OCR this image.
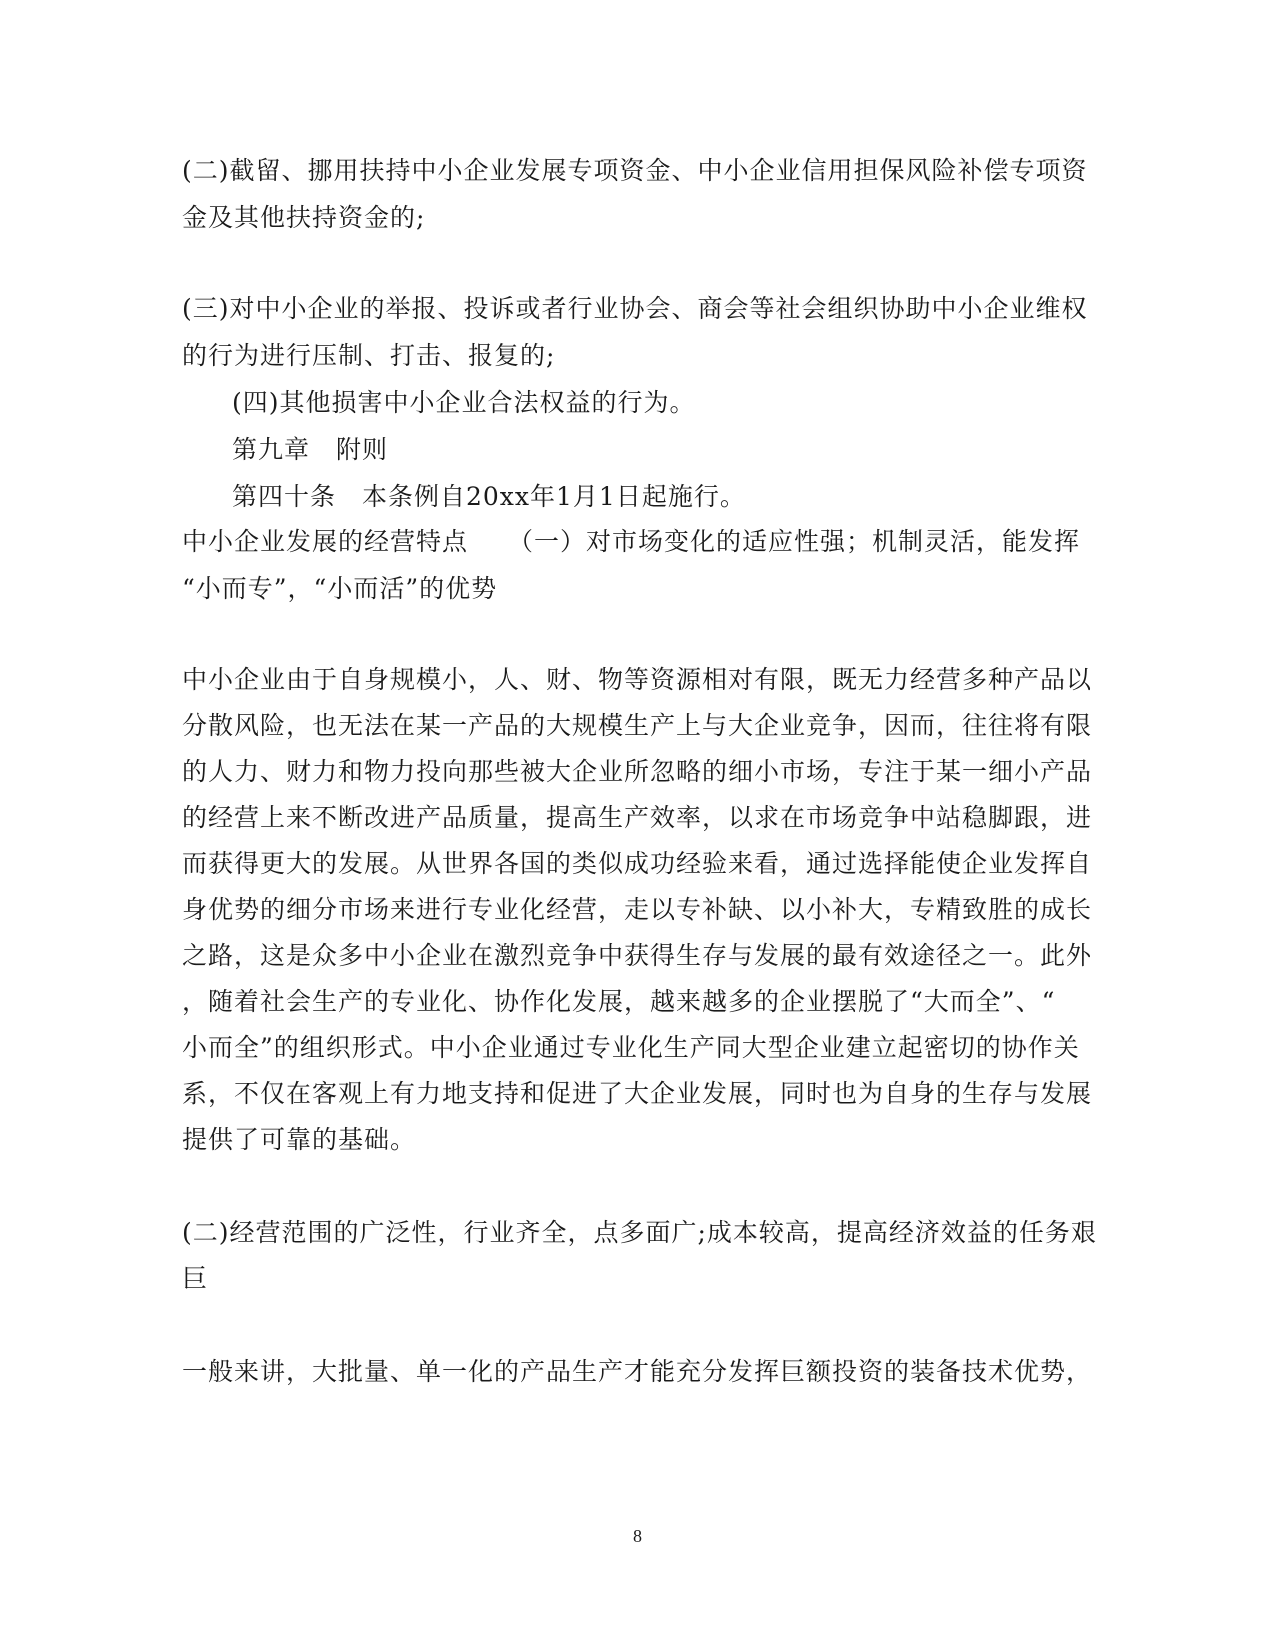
(二)截留、挪用扶持中小企业发展专项资金、中小企业信用担保风险补偿专项资
金及其他扶持资金的;
(三)对中小企业的举报、投诉或者行业协会、商会等社会组织协助中小企业维权
的行为进行压制、打击、报复的;
(四)其他损害中小企业合法权益的行为。
第九章　附则
第四十条　本条例自20xx年1月1日起施行。
中小企业发展的经营特点 （一）对市场变化的适应性强；机制灵活，能发挥
“小而专”，“小而活”的优势
中小企业由于自身规模小，人、财、物等资源相对有限，既无力经营多种产品以
分散风险，也无法在某一产品的大规模生产上与大企业竞争，因而，往往将有限
的人力、财力和物力投向那些被大企业所忽略的细小市场，专注于某一细小产品
的经营上来不断改进产品质量，提高生产效率，以求在市场竞争中站稳脚跟，进
而获得更大的发展。从世界各国的类似成功经验来看，通过选择能使企业发挥自
身优势的细分市场来进行专业化经营，走以专补缺、以小补大，专精致胜的成长
之路，这是众多中小企业在激烈竞争中获得生存与发展的最有效途径之一。此外
，随着社会生产的专业化、协作化发展，越来越多的企业摆脱了“大而全”、“
小而全”的组织形式。中小企业通过专业化生产同大型企业建立起密切的协作关
系，不仅在客观上有力地支持和促进了大企业发展，同时也为自身的生存与发展
提供了可靠的基础。
(二)经营范围的广泛性，行业齐全，点多面广;成本较高，提高经济效益的任务艰
巨
一般来讲，大批量、单一化的产品生产才能充分发挥巨额投资的装备技术优势，
8
